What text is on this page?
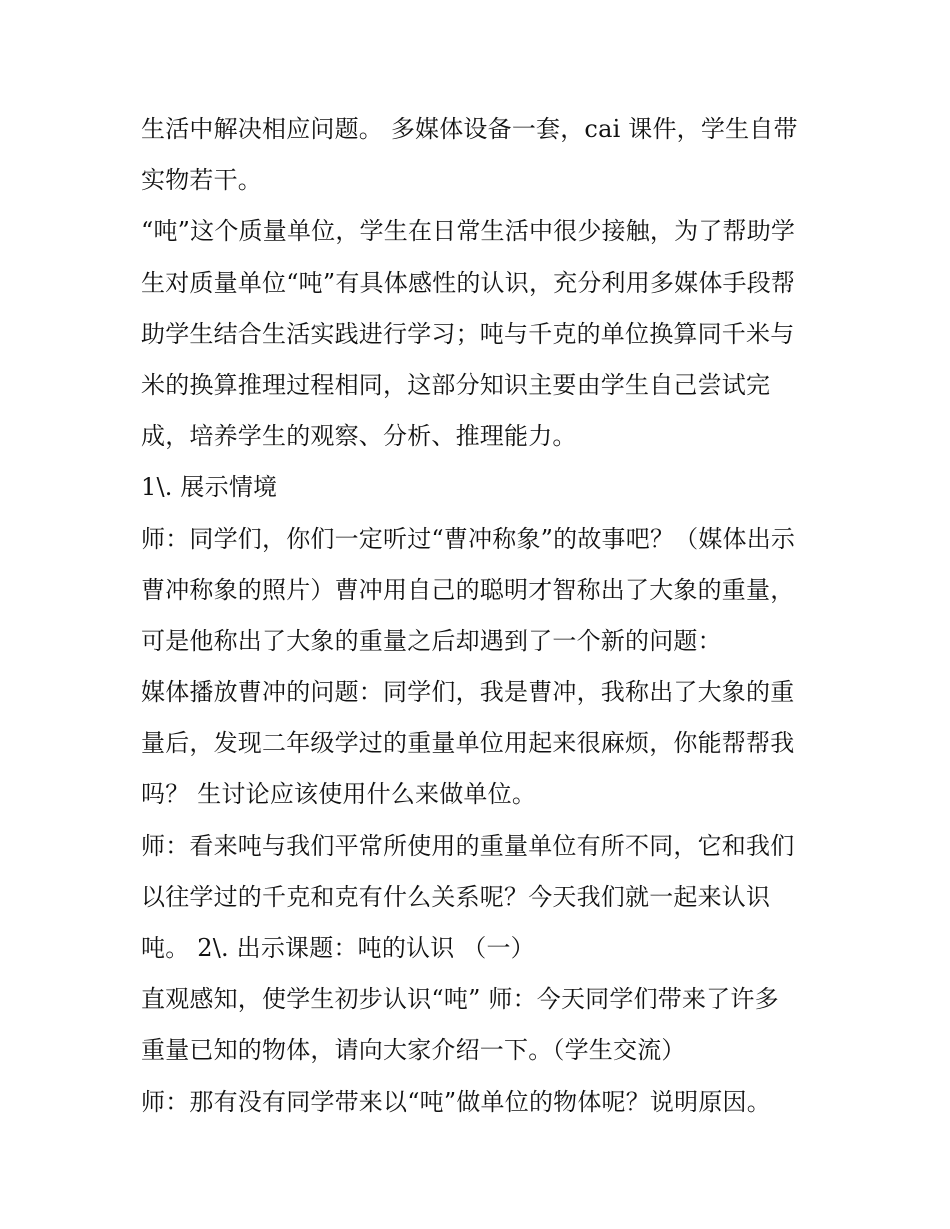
生活中解决相应问题。 多媒体设备一套，cai 课件，学生自带
实物若干。
“吨”这个质量单位，学生在日常生活中很少接触，为了帮助学
生对质量单位“吨”有具体感性的认识，充分利用多媒体手段帮
助学生结合生活实践进行学习；吨与千克的单位换算同千米与
米的换算推理过程相同，这部分知识主要由学生自己尝试完
成，培养学生的观察、分析、推理能力。
1\. 展示情境
师：同学们，你们一定听过“曹冲称象”的故事吧？（媒体出示
曹冲称象的照片）曹冲用自己的聪明才智称出了大象的重量，
可是他称出了大象的重量之后却遇到了一个新的问题：
媒体播放曹冲的问题：同学们，我是曹冲，我称出了大象的重
量后，发现二年级学过的重量单位用起来很麻烦，你能帮帮我
吗？ 生讨论应该使用什么来做单位。
师：看来吨与我们平常所使用的重量单位有所不同，它和我们
以往学过的千克和克有什么关系呢？今天我们就一起来认识
吨。 2\. 出示课题：吨的认识 （一）
直观感知，使学生初步认识“吨” 师：今天同学们带来了许多
重量已知的物体，请向大家介绍一下。（学生交流）
师：那有没有同学带来以“吨”做单位的物体呢？说明原因。
